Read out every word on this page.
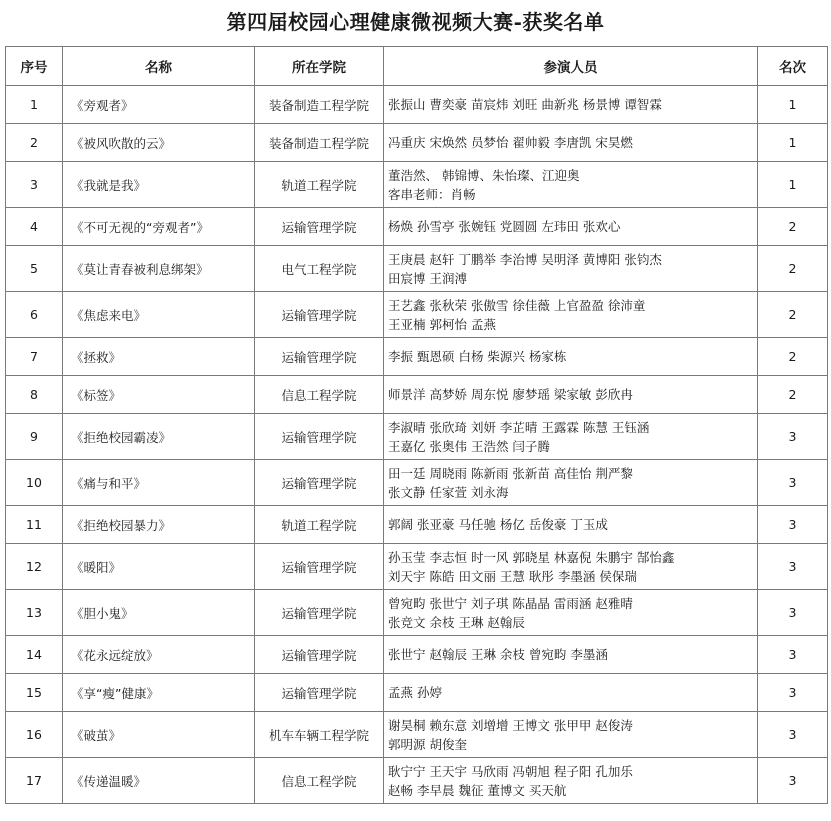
第四届校园心理健康微视频大赛-获奖名单
序号	名称	所在学院	参演人员	名次
1	《旁观者》	装备制造工程学院	张振山 曹奕豪 苗宸炜 刘旺 曲新兆 杨景博 谭智霖	1
2	《被风吹散的云》	装备制造工程学院	冯重庆 宋焕然 员梦怡 翟帅毅 李唐凯 宋昊燃	1
3	《我就是我》	轨道工程学院	董浩然、 韩锦博、朱怡璨、江迎奥
客串老师：肖畅	1
4	《不可无视的“旁观者”》	运输管理学院	杨焕 孙雪亭 张婉钰 党圆圆 左玮田 张欢心	2
5	《莫让青春被利息绑架》	电气工程学院	王庚晨 赵轩 丁鹏举 李治博 吴明泽 黄博阳 张钧杰
田宸博 王润溥	2
6	《焦虑来电》	运输管理学院	王艺鑫 张秋荣 张傲雪 徐佳薇 上官盈盈 徐沛童
王亚楠 郭柯怡 孟燕	2
7	《拯救》	运输管理学院	李振 甄恩硕 白杨 柴源兴 杨家栋	2
8	《标签》	信息工程学院	师景洋 高梦娇 周东悦 廖梦瑶 梁家敏 彭欣冉	2
9	《拒绝校园霸凌》	运输管理学院	李淑晴 张欣琦 刘妍 李芷晴 王露霖 陈慧 王钰涵
王嘉亿 张奥伟 王浩然 闫子腾	3
10	《痛与和平》	运输管理学院	田一廷 周晓雨 陈新雨 张新苗 高佳怡 荆严黎
张文静 任家萱 刘永海	3
11	《拒绝校园暴力》	轨道工程学院	郭阔 张亚豪 马任驰 杨亿 岳俊豪 丁玉成	3
12	《暖阳》	运输管理学院	孙玉莹 李志恒 时一风 郭晓星 林嘉倪 朱鹏宇 郜怡鑫
刘天宇 陈皓 田文丽 王慧 耿彤 李墨涵 侯保瑞	3
13	《胆小鬼》	运输管理学院	曾宛畇 张世宁 刘子琪 陈晶晶 雷雨涵 赵雅晴
张竞文 余枝 王琳 赵翰辰	3
14	《花永远绽放》	运输管理学院	张世宁 赵翰辰 王琳 余枝 曾宛畇 李墨涵	3
15	《享“瘦”健康》	运输管理学院	孟燕 孙婷	3
16	《破茧》	机车车辆工程学院	谢昊桐 赖东意 刘增增 王博文 张甲甲 赵俊涛
郭明源 胡俊奎	3
17	《传递温暖》	信息工程学院	耿宁宁 王天宇 马欣雨 冯朝旭 程子阳 孔加乐
赵畅 李早晨 魏征 董博文 买天航	3
